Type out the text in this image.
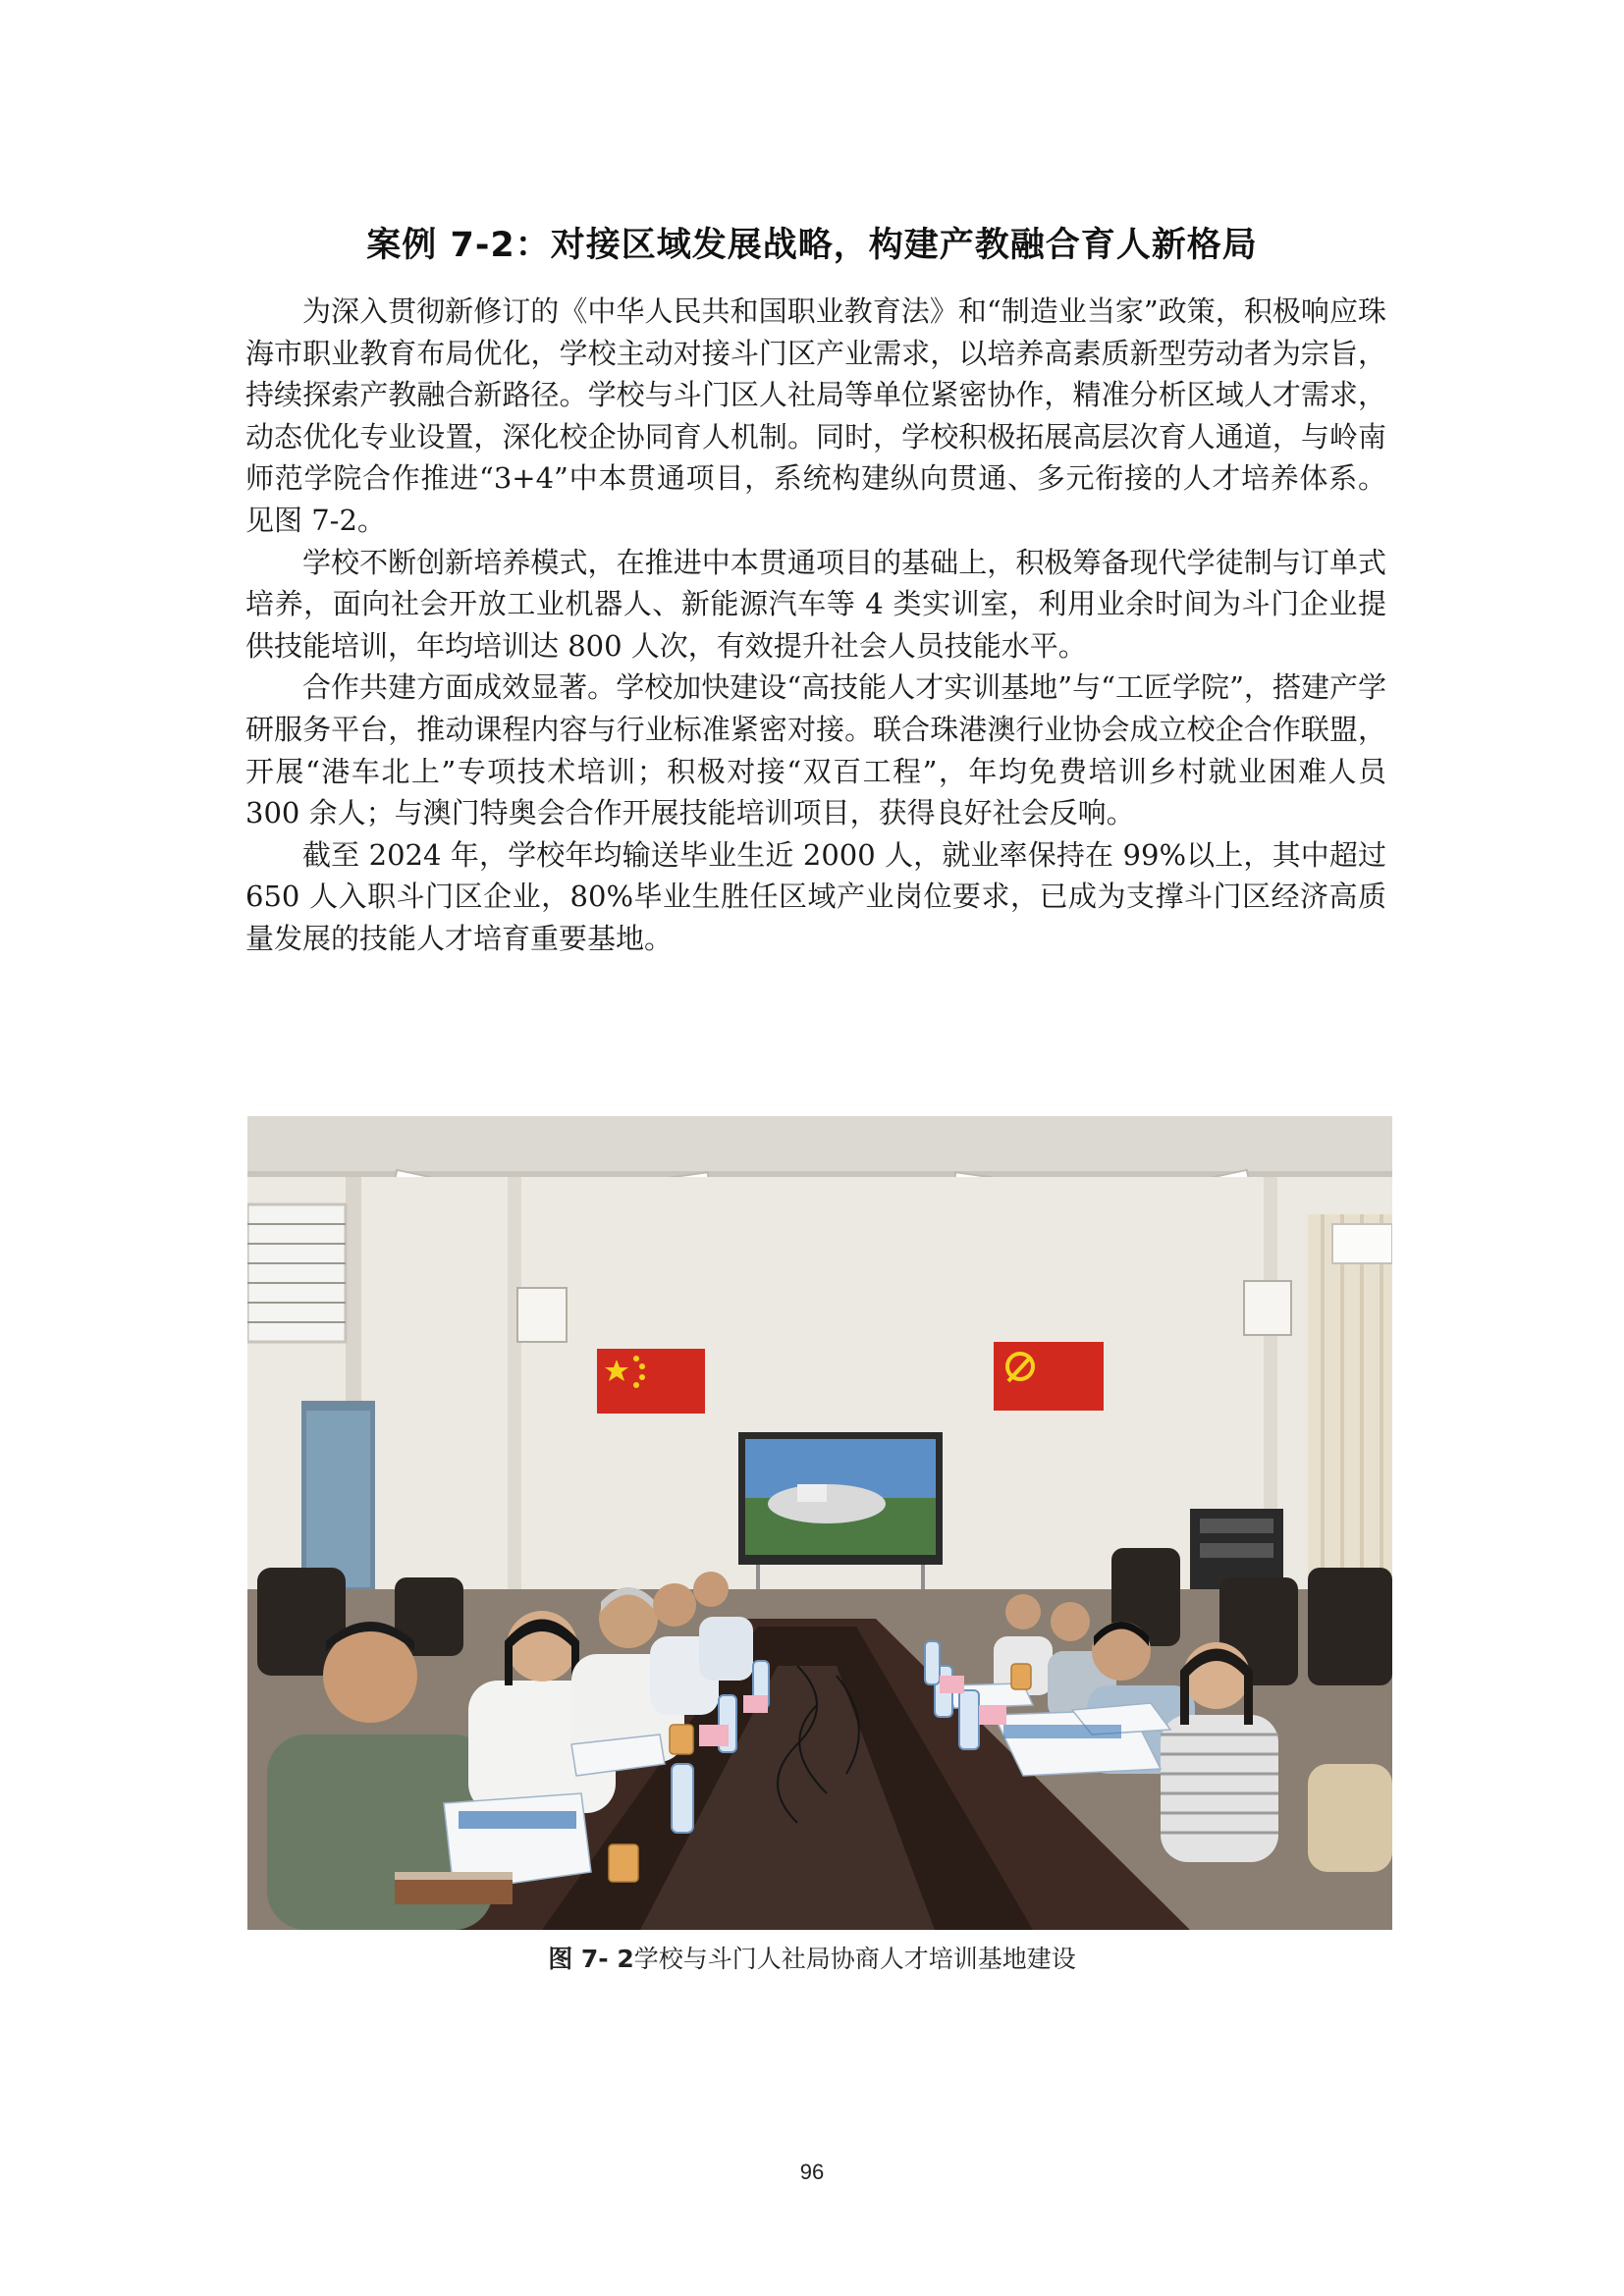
案例 7-2：对接区域发展战略，构建产教融合育人新格局

为深入贯彻新修订的《中华人民共和国职业教育法》和“制造业当家”政策，积极响应珠海市职业教育布局优化，学校主动对接斗门区产业需求，以培养高素质新型劳动者为宗旨，持续探索产教融合新路径。学校与斗门区人社局等单位紧密协作，精准分析区域人才需求，动态优化专业设置，深化校企协同育人机制。同时，学校积极拓展高层次育人通道，与岭南师范学院合作推进“3+4”中本贯通项目，系统构建纵向贯通、多元衔接的人才培养体系。见图 7-2。

学校不断创新培养模式，在推进中本贯通项目的基础上，积极筹备现代学徒制与订单式培养，面向社会开放工业机器人、新能源汽车等 4 类实训室，利用业余时间为斗门企业提供技能培训，年均培训达 800 人次，有效提升社会人员技能水平。

合作共建方面成效显著。学校加快建设“高技能人才实训基地”与“工匠学院”，搭建产学研服务平台，推动课程内容与行业标准紧密对接。联合珠港澳行业协会成立校企合作联盟，开展“港车北上”专项技术培训；积极对接“双百工程”，年均免费培训乡村就业困难人员 300 余人；与澳门特奥会合作开展技能培训项目，获得良好社会反响。

截至 2024 年，学校年均输送毕业生近 2000 人，就业率保持在 99%以上，其中超过 650 人入职斗门区企业，80%毕业生胜任区域产业岗位要求，已成为支撑斗门区经济高质量发展的技能人才培育重要基地。

图 7- 2学校与斗门人社局协商人才培训基地建设
96
